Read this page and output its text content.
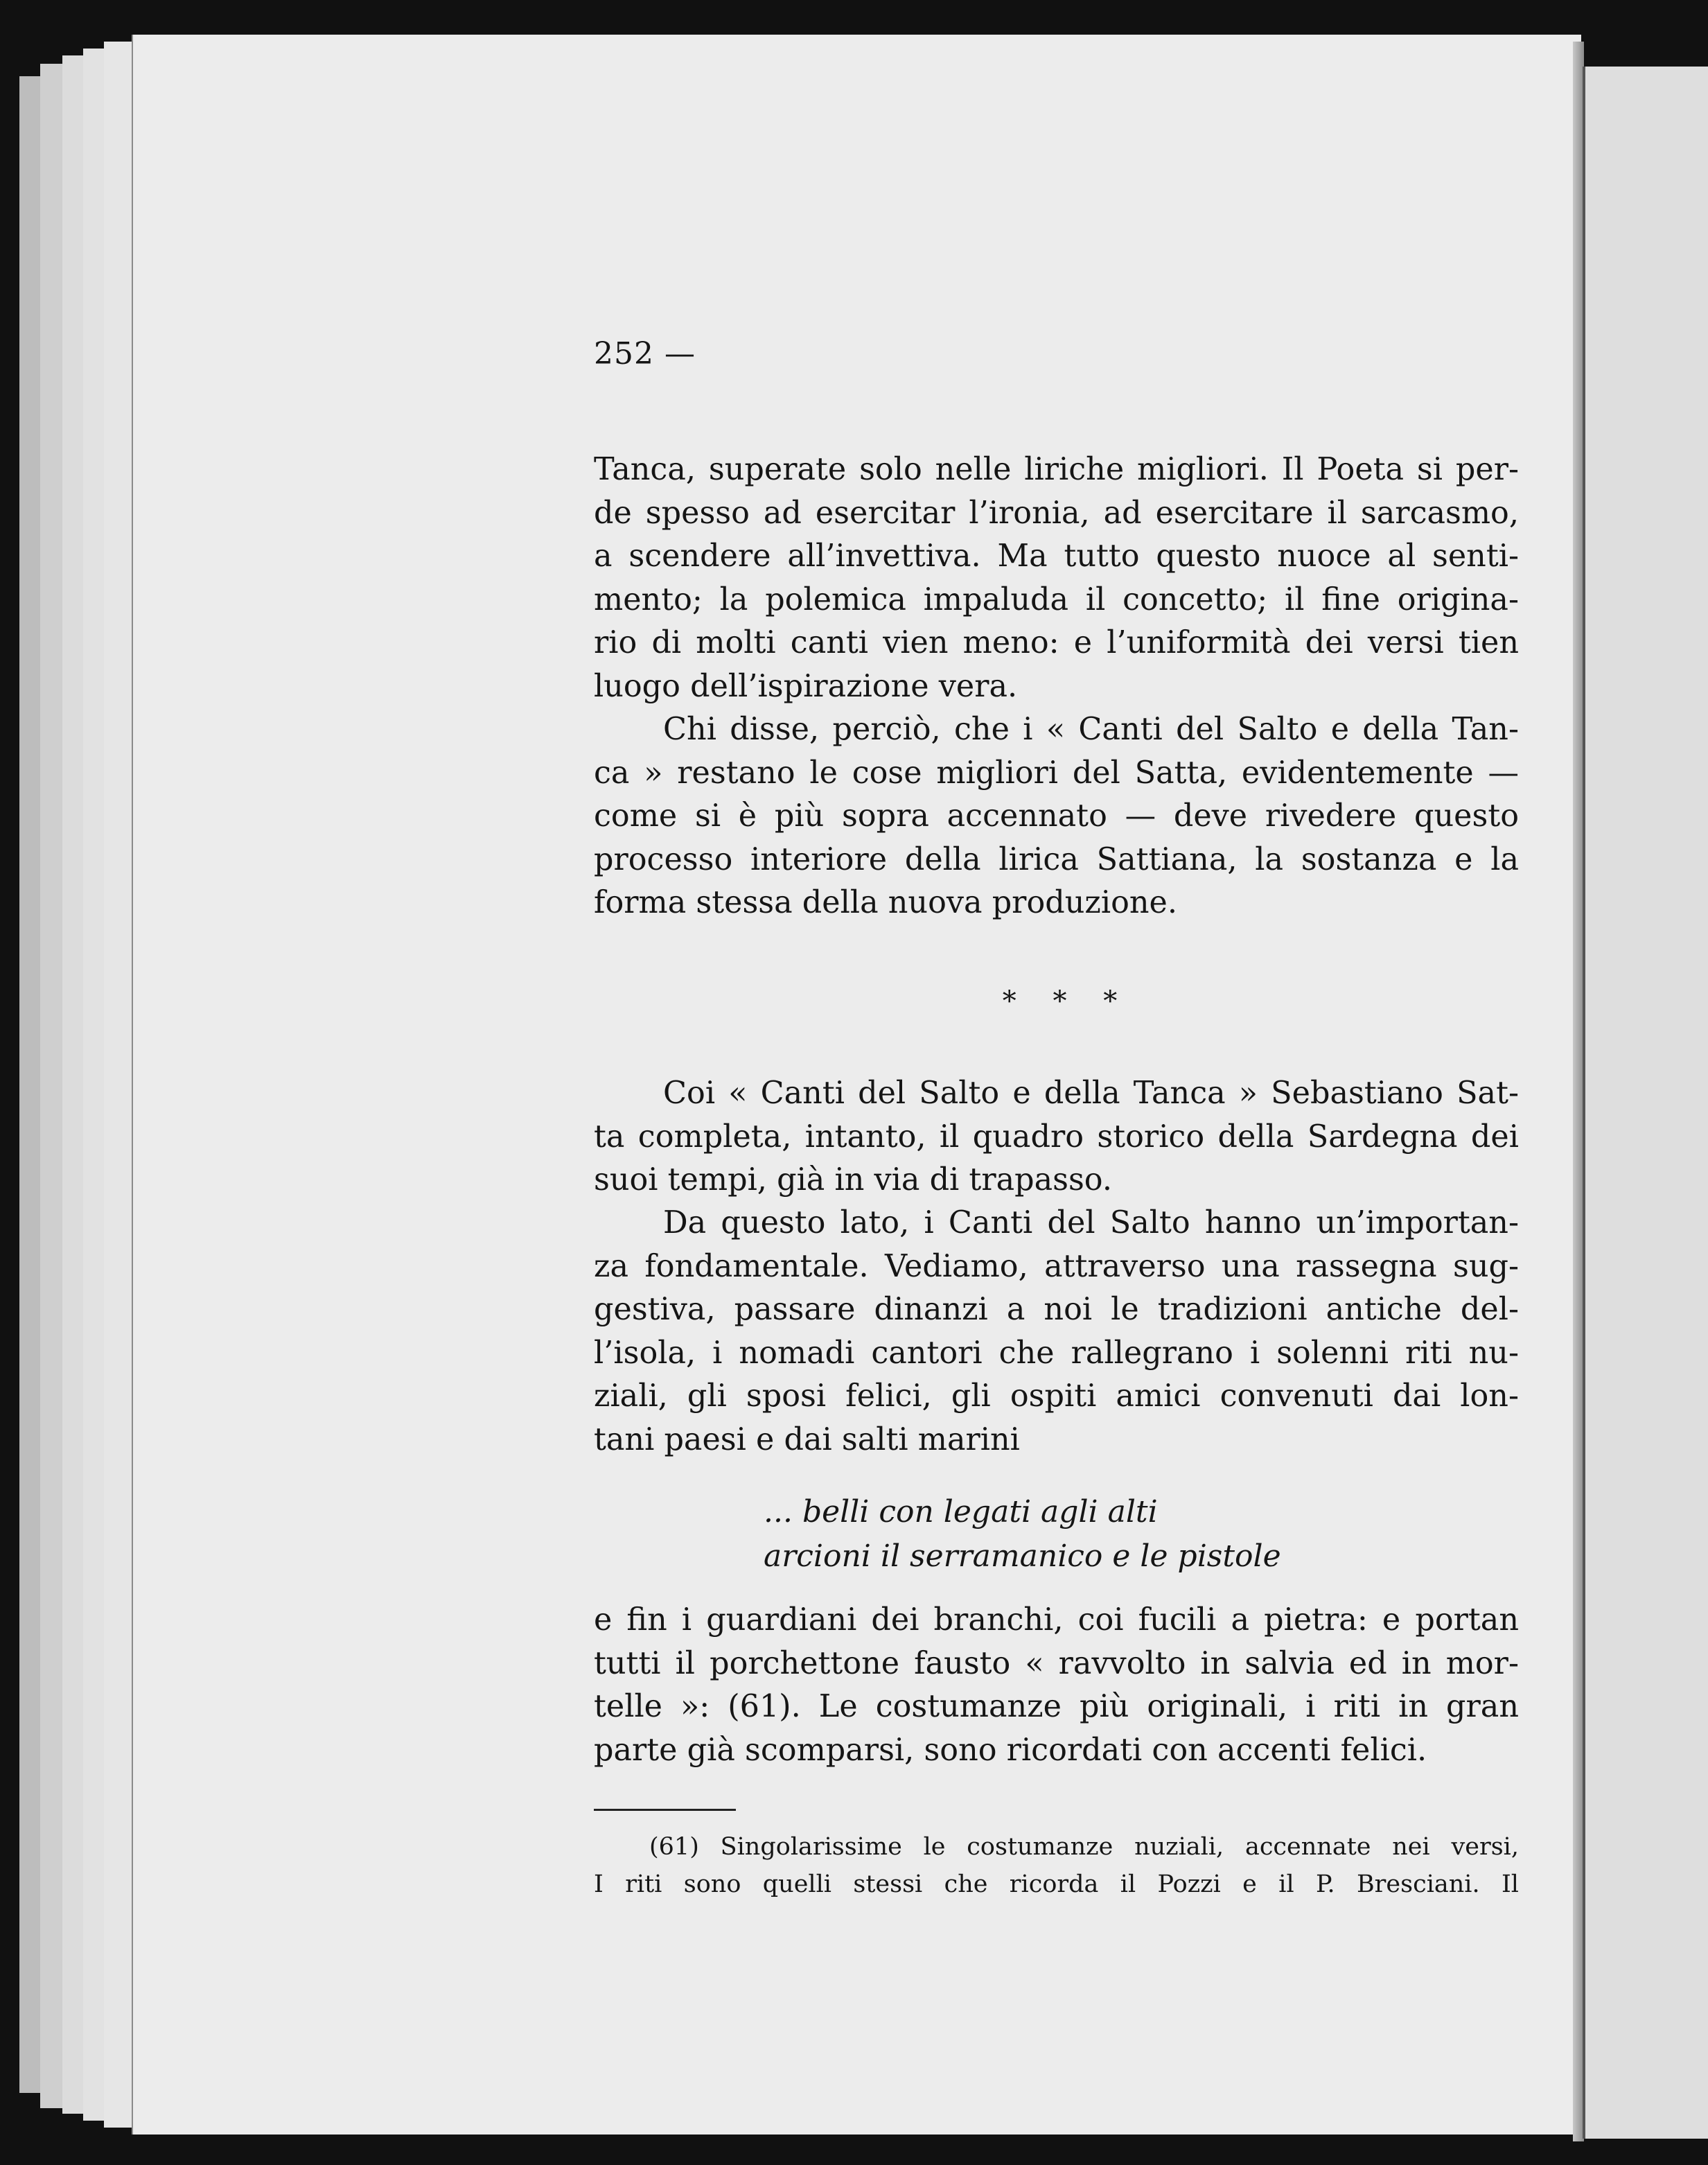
252 —
Tanca, superate solo nelle liriche migliori. Il Poeta si per-
de spesso ad esercitar l’ironia, ad esercitare il sarcasmo,
a scendere all’invettiva. Ma tutto questo nuoce al senti-
mento; la polemica impaluda il concetto; il fine origina-
rio di molti canti vien meno: e l’uniformità dei versi tien
luogo dell’ispirazione vera.
Chi disse, perciò, che i « Canti del Salto e della Tan-
ca » restano le cose migliori del Satta, evidentemente —
come si è più sopra accennato — deve rivedere questo
processo interiore della lirica Sattiana, la sostanza e la
forma stessa della nuova produzione.
* * *
Coi « Canti del Salto e della Tanca » Sebastiano Sat-
ta completa, intanto, il quadro storico della Sardegna dei
suoi tempi, già in via di trapasso.
Da questo lato, i Canti del Salto hanno un’importan-
za fondamentale. Vediamo, attraverso una rassegna sug-
gestiva, passare dinanzi a noi le tradizioni antiche del-
l’isola, i nomadi cantori che rallegrano i solenni riti nu-
ziali, gli sposi felici, gli ospiti amici convenuti dai lon-
tani paesi e dai salti marini
... belli con legati agli alti
arcioni il serramanico e le pistole
e fin i guardiani dei branchi, coi fucili a pietra: e portan
tutti il porchettone fausto « ravvolto in salvia ed in mor-
telle »: (61). Le costumanze più originali, i riti in gran
parte già scomparsi, sono ricordati con accenti felici.
(61) Singolarissime le costumanze nuziali, accennate nei versi,
I riti sono quelli stessi che ricorda il Pozzi e il P. Bresciani. Il
